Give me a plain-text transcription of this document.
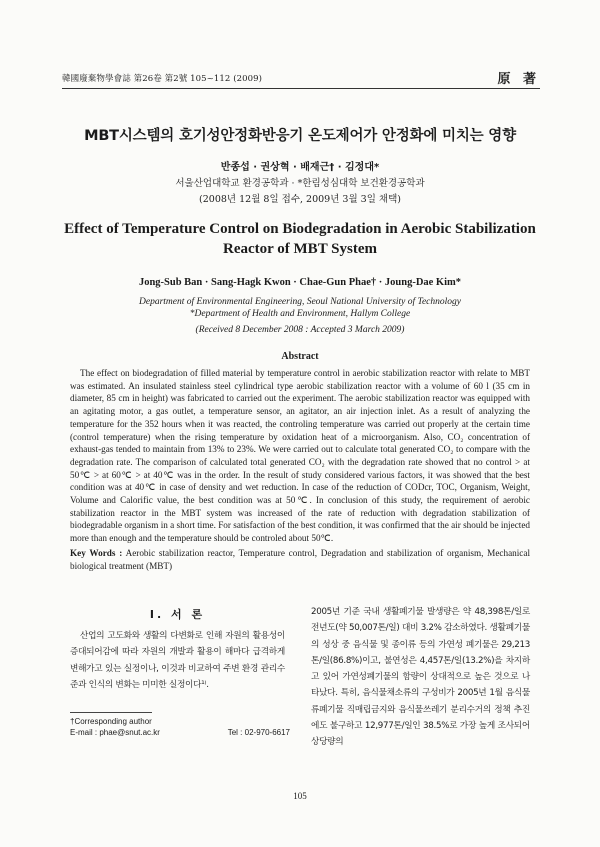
韓國廢棄物學會誌 第26卷 第2號 105~112 (2009)	原 著
MBT시스템의 호기성안정화반응기 온도제어가 안정화에 미치는 영향
반종섭 · 권상혁 · 배재근† · 김정대*
서울산업대학교 환경공학과 · *한림성심대학 보건환경공학과
(2008년 12월 8일 접수, 2009년 3월 3일 채택)
Effect of Temperature Control on Biodegradation in Aerobic Stabilization
Reactor of MBT System
Jong-Sub Ban · Sang-Hagk Kwon · Chae-Gun Phae† · Joung-Dae Kim*
Department of Environmental Engineering, Seoul National University of Technology
*Department of Health and Environment, Hallym College
(Received 8 December 2008 : Accepted 3 March 2009)
Abstract
The effect on biodegradation of filled material by temperature control in aerobic stabilization reactor with relate to MBT was estimated. An insulated stainless steel cylindrical type aerobic stabilization reactor with a volume of 60 l (35 cm in diameter, 85 cm in height) was fabricated to carried out the experiment. The aerobic stabilization reactor was equipped with an agitating motor, a gas outlet, a temperature sensor, an agitator, an air injection inlet. As a result of analyzing the temperature for the 352 hours when it was reacted, the controling temperature was carried out properly at the certain time (control temperature) when the rising temperature by oxidation heat of a microorganism. Also, CO₂ concentration of exhaust-gas tended to maintain from 13% to 23%. We were carried out to calculate total generated CO₂ to compare with the degradation rate. The comparison of calculated total generated CO₂ with the degradation rate showed that no control > at 50℃ > at 60℃ > at 40℃ was in the order. In the result of study considered various factors, it was showed that the best condition was at 40℃ in case of density and wet reduction. In case of the reduction of CODcr, TOC, Organism, Weight, Volume and Calorific value, the best condition was at 50℃. In conclusion of this study, the requirement of aerobic stabilization reactor in the MBT system was increased of the rate of reduction with degradation stabilization of biodegradable organism in a short time. For satisfaction of the best condition, it was confirmed that the air should be injected more than enough and the temperature should be controled about 50℃.
Key Words : Aerobic stabilization reactor, Temperature control, Degradation and stabilization of organism, Mechanical biological treatment (MBT)
I. 서 론
산업의 고도화와 생활의 다변화로 인해 자원의 활용성이 증대되어감에 따라 자원의 개발과 활용이 해마다 급격하게 변해가고 있는 실정이나, 이것과 비교하여 주변 환경 관리수준과 인식의 변화는 미미한 실정이다¹⁾.
2005년 기준 국내 생활폐기물 발생량은 약 48,398톤/일로 전년도(약 50,007톤/일) 대비 3.2% 감소하였다. 생활폐기물의 성상 중 음식물 및 종이류 등의 가연성 폐기물은 29,213톤/일(86.8%)이고, 불연성은 4,457톤/일(13.2%)을 차지하고 있어 가연성폐기물의 함량이 상대적으로 높은 것으로 나타났다. 특히, 음식물채소류의 구성비가 2005년 1월 음식물류폐기물 직매립금지와 음식물쓰레기 분리수거의 정책 추진에도 불구하고 12,977톤/일인 38.5%로 가장 높게 조사되어 상당량의
†Corresponding author
E-mail : phae@snut.ac.kr	Tel : 02-970-6617
105
